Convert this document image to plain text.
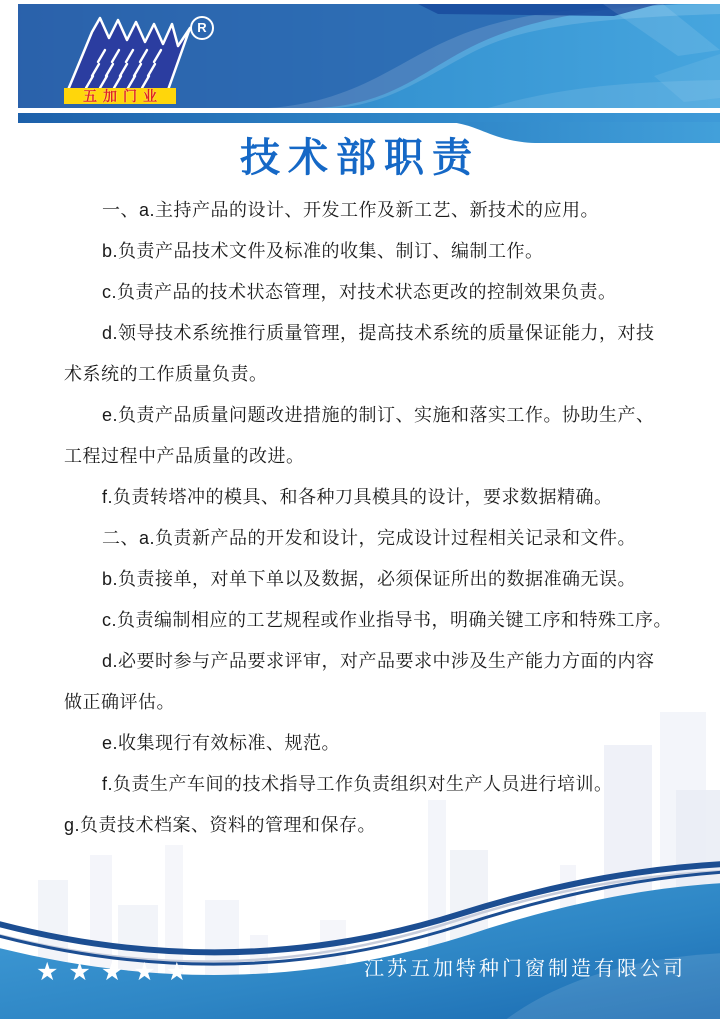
R
五加门业
技术部职责
一、a.主持产品的设计、开发工作及新工艺、新技术的应用。
b.负责产品技术文件及标准的收集、制订、编制工作。
c.负责产品的技术状态管理，对技术状态更改的控制效果负责。
d.领导技术系统推行质量管理，提高技术系统的质量保证能力，对技
术系统的工作质量负责。
e.负责产品质量问题改进措施的制订、实施和落实工作。协助生产、
工程过程中产品质量的改进。
f.负责转塔冲的模具、和各种刀具模具的设计，要求数据精确。
二、a.负责新产品的开发和设计，完成设计过程相关记录和文件。
b.负责接单，对单下单以及数据，必须保证所出的数据准确无误。
c.负责编制相应的工艺规程或作业指导书，明确关键工序和特殊工序。
d.必要时参与产品要求评审，对产品要求中涉及生产能力方面的内容
做正确评估。
e.收集现行有效标准、规范。
f.负责生产车间的技术指导工作负责组织对生产人员进行培训。
g.负责技术档案、资料的管理和保存。
★★★★★	江苏五加特种门窗制造有限公司
